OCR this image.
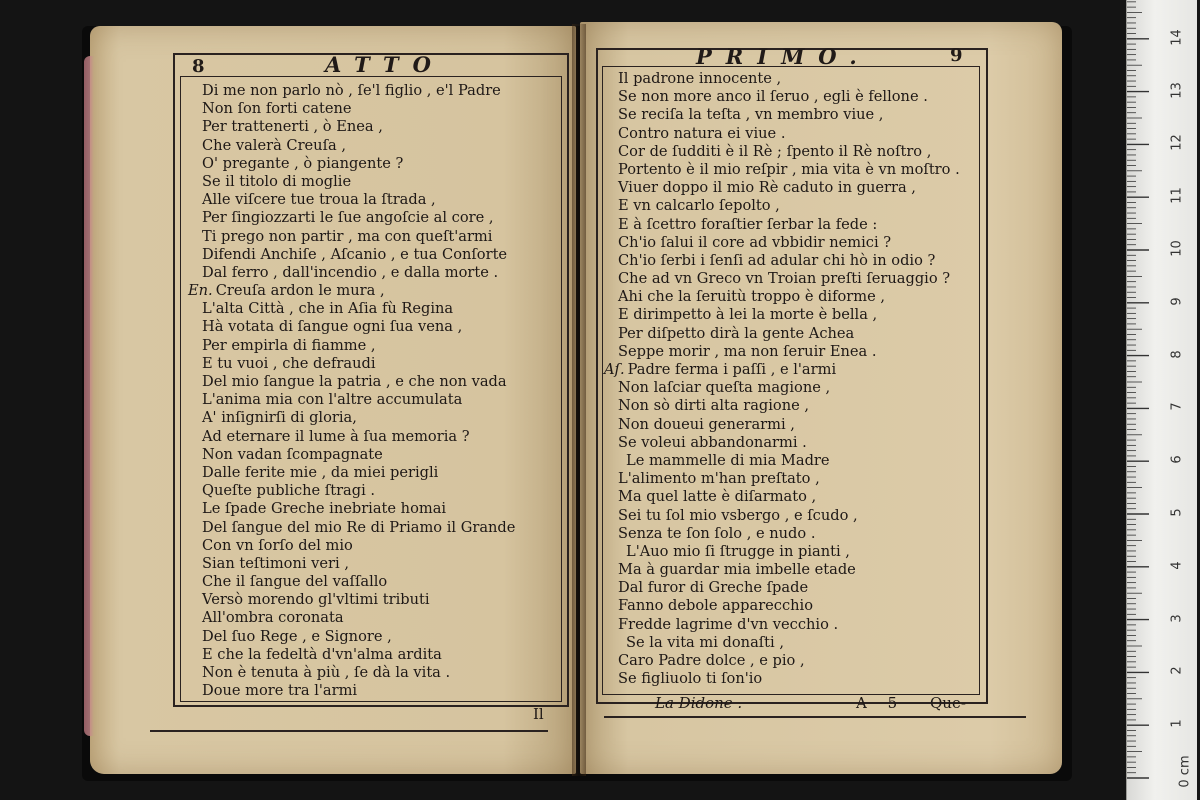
8	ATTO	PRIMO.	9
Di me non parlo nò , ſe'l figlio , e'l Padre
Non ſon forti catene
Per trattenerti , ò Enea ,
Che valerà Creuſa ,
O' pregante , ò piangente ?
Se il titolo di moglie
Alle viſcere tue troua la ſtrada ,
Per ſingiozzarti le ſue angoſcie al core ,
Ti prego non partir , ma con queſt'armi
Difendi Anchiſe , Aſcanio , e tua Conſorte
Dal ferro , dall'incendio , e dalla morte .
En. Creuſa ardon le mura ,
L'alta Città , che in Aſia fù Regina
Hà votata di ſangue ogni ſua vena ,
Per empirla di fiamme ,
E tu vuoi , che defraudi
Del mio ſangue la patria , e che non vada
L'anima mia con l'altre accumulata
A' inſignirſi di gloria,
Ad eternare il lume à ſua memoria ?
Non vadan ſcompagnate
Dalle ferite mie , da miei perigli
Queſte publiche ſtragi .
Le ſpade Greche inebriate homai
Del ſangue del mio Re di Priamo il Grande
Con vn ſorſo del mio
Sian teſtimoni veri ,
Che il ſangue del vaſſallo
Versò morendo gl'vltimi tributi
All'ombra coronata
Del ſuo Rege , e Signore ,
E che la fedeltà d'vn'alma ardita
Non è tenuta à più , ſe dà la vita .
Doue more tra l'armi
Il padrone innocente ,
Se non more anco il ſeruo , egli è fellone .
Se reciſa la teſta , vn membro viue ,
Contro natura ei viue .
Cor de ſudditi è il Rè ; ſpento il Rè noſtro ,
Portento è il mio reſpir , mia vita è vn moſtro .
Viuer doppo il mio Rè caduto in guerra ,
E vn calcarlo ſepolto ,
E à ſcettro foraſtier ſerbar la fede :
Ch'io ſalui il core ad vbbidir nemici ?
Ch'io ſerbi i ſenſi ad adular chi hò in odio ?
Che ad vn Greco vn Troian preſti ſeruaggio ?
Ahi che la ſeruitù troppo è diforme ,
E dirimpetto à lei la morte è bella ,
Per diſpetto dirà la gente Achea
Seppe morir , ma non ſeruir Enea .
Aſ. Padre ferma i paſſi , e l'armi
Non laſciar queſta magione ,
Non sò dirti alta ragione ,
Non doueui generarmi ,
Se voleui abbandonarmi .
Le mammelle di mia Madre
L'alimento m'han preſtato ,
Ma quel latte è diſarmato ,
Sei tu ſol mio vsbergo , e ſcudo ,
Senza te ſon ſolo , e nudo .
L'Auo mio ſi ſtrugge in pianti ,
Ma à guardar mia imbelle etade
Dal furor di Greche ſpade
Fanno debole apparecchio
Fredde lagrime d'vn vecchio .
Se la vita mi donaſti ,
Caro Padre dolce , e pio ,
Se figliuolo ti ſon'io
Il
La Didone .	A 5 Que-
0 cm
1
2
3
4
5
6
7
8
9
10
11
12
13
14
